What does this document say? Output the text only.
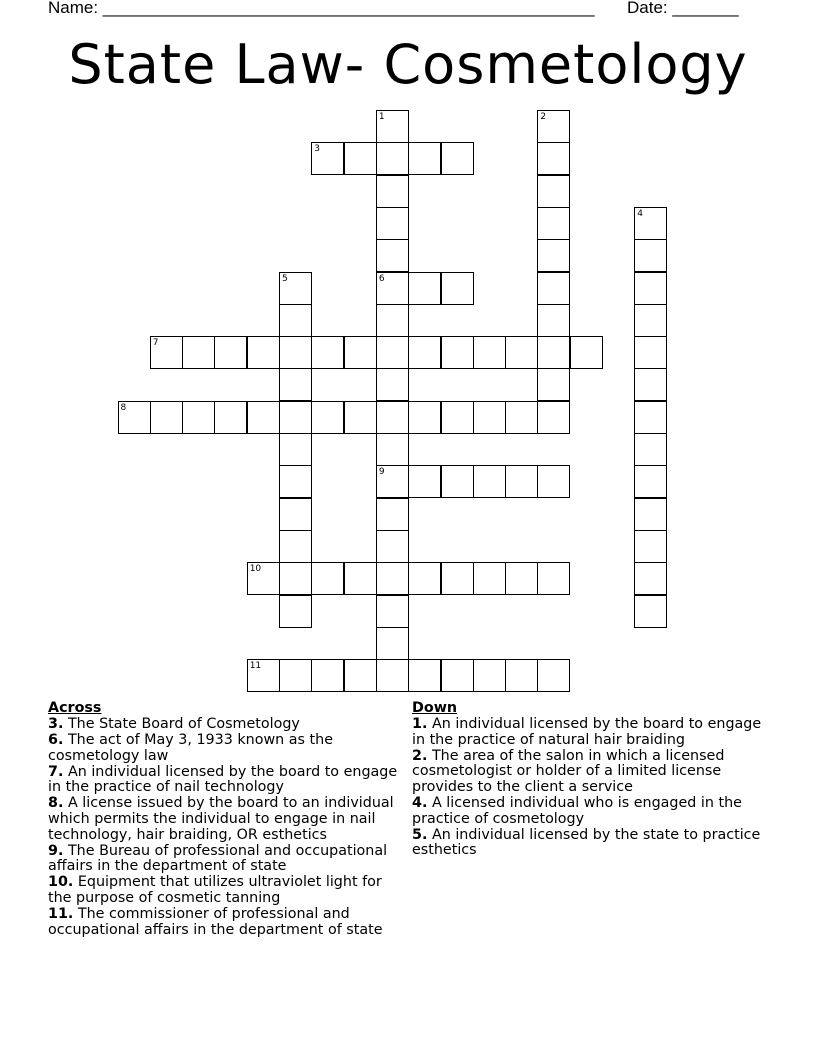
Name: ____________________________________________________ Date: _______
State Law- Cosmetology
3
6
7
8
9
10
11
1	2
4
5
Across
3. The State Board of Cosmetology
6. The act of May 3, 1933 known as the cosmetology law
7. An individual licensed by the board to engage in the practice of nail technology
8. A license issued by the board to an individual which permits the individual to engage in nail technology, hair braiding, OR esthetics
9. The Bureau of professional and occupational affairs in the department of state
10. Equipment that utilizes ultraviolet light for the purpose of cosmetic tanning
11. The commissioner of professional and occupational affairs in the department of state
Down
1. An individual licensed by the board to engage in the practice of natural hair braiding
2. The area of the salon in which a licensed cosmetologist or holder of a limited license provides to the client a service
4. A licensed individual who is engaged in the practice of cosmetology
5. An individual licensed by the state to practice esthetics
